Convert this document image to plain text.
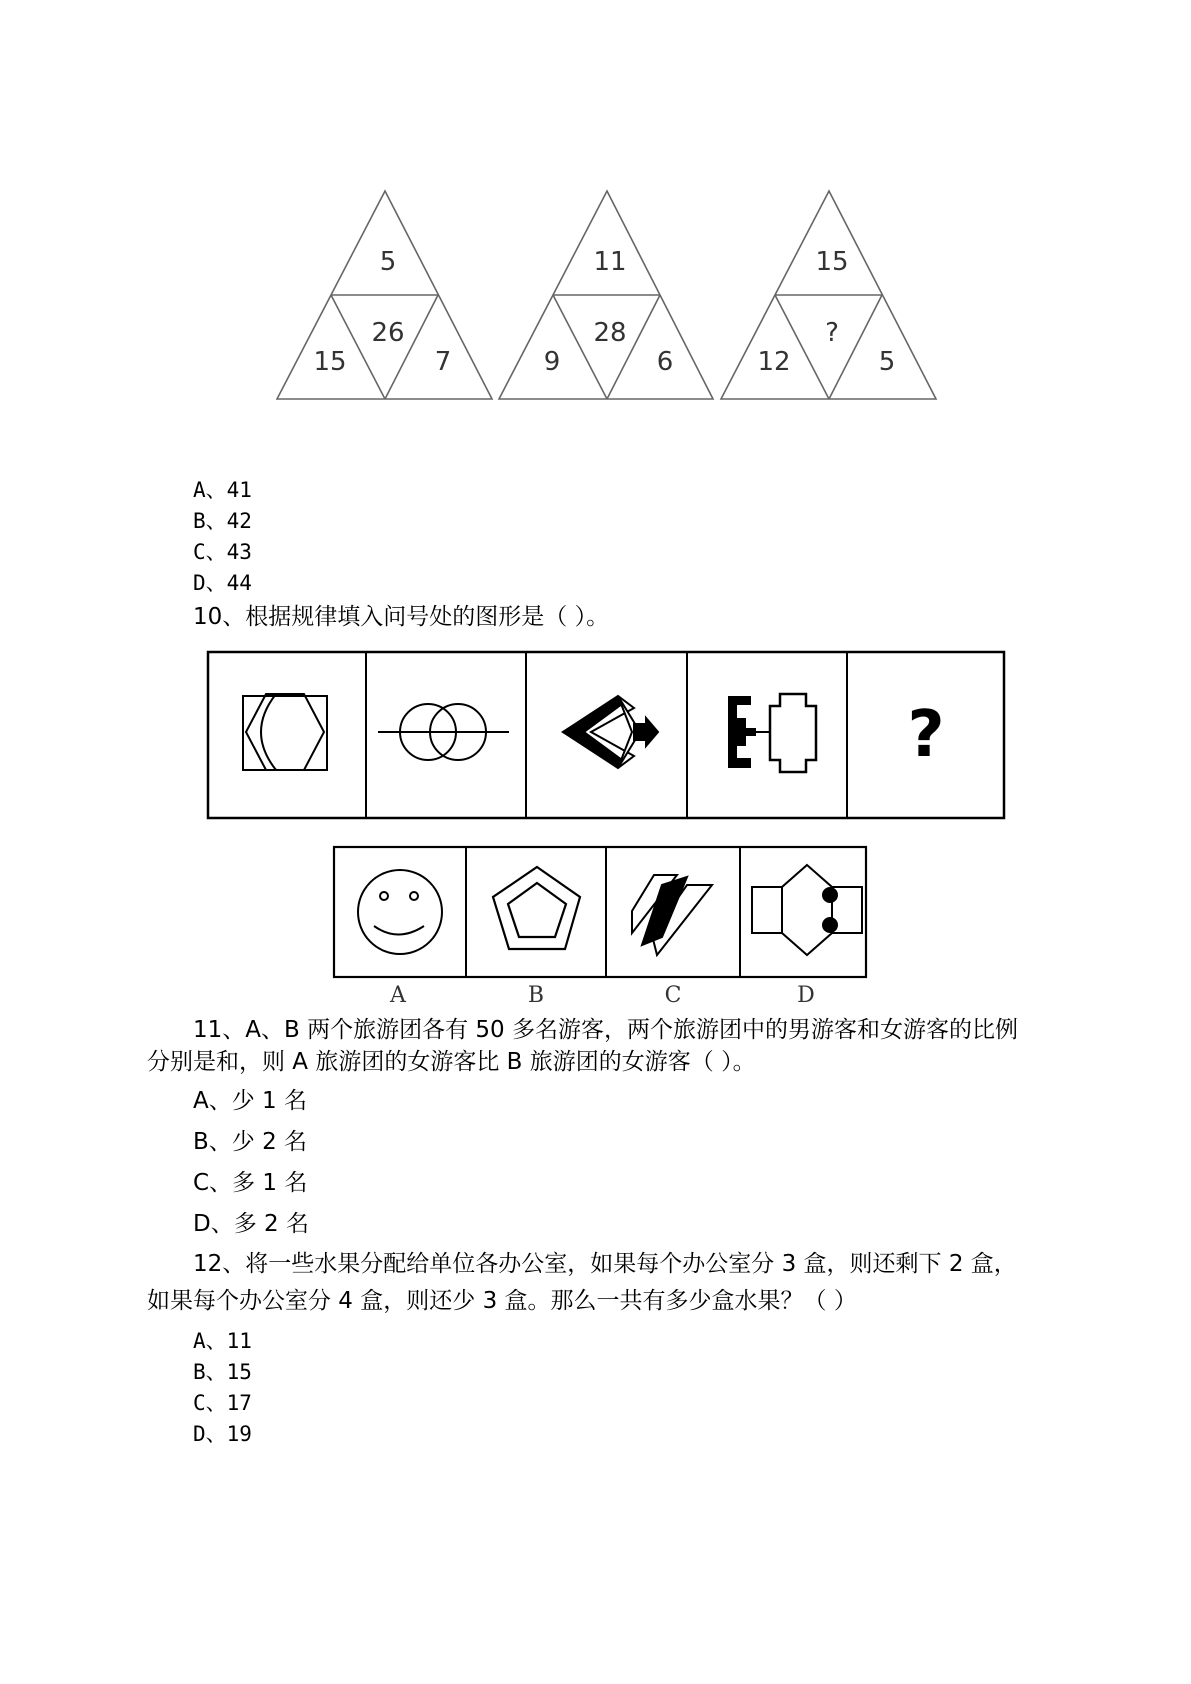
5
26
15	7
11
28
9	6
15
?
12	5
A、41
B、42
C、43
D、44
10、根据规律填入问号处的图形是（ ）。
?
A	B	C	D
11、A、B 两个旅游团各有 50 多名游客，两个旅游团中的男游客和女游客的比例
分别是和，则 A 旅游团的女游客比 B 旅游团的女游客（ ）。
A、少 1 名
B、少 2 名
C、多 1 名
D、多 2 名
12、将一些水果分配给单位各办公室，如果每个办公室分 3 盒，则还剩下 2 盒，
如果每个办公室分 4 盒，则还少 3 盒。那么一共有多少盒水果？（ ）
A、11
B、15
C、17
D、19
